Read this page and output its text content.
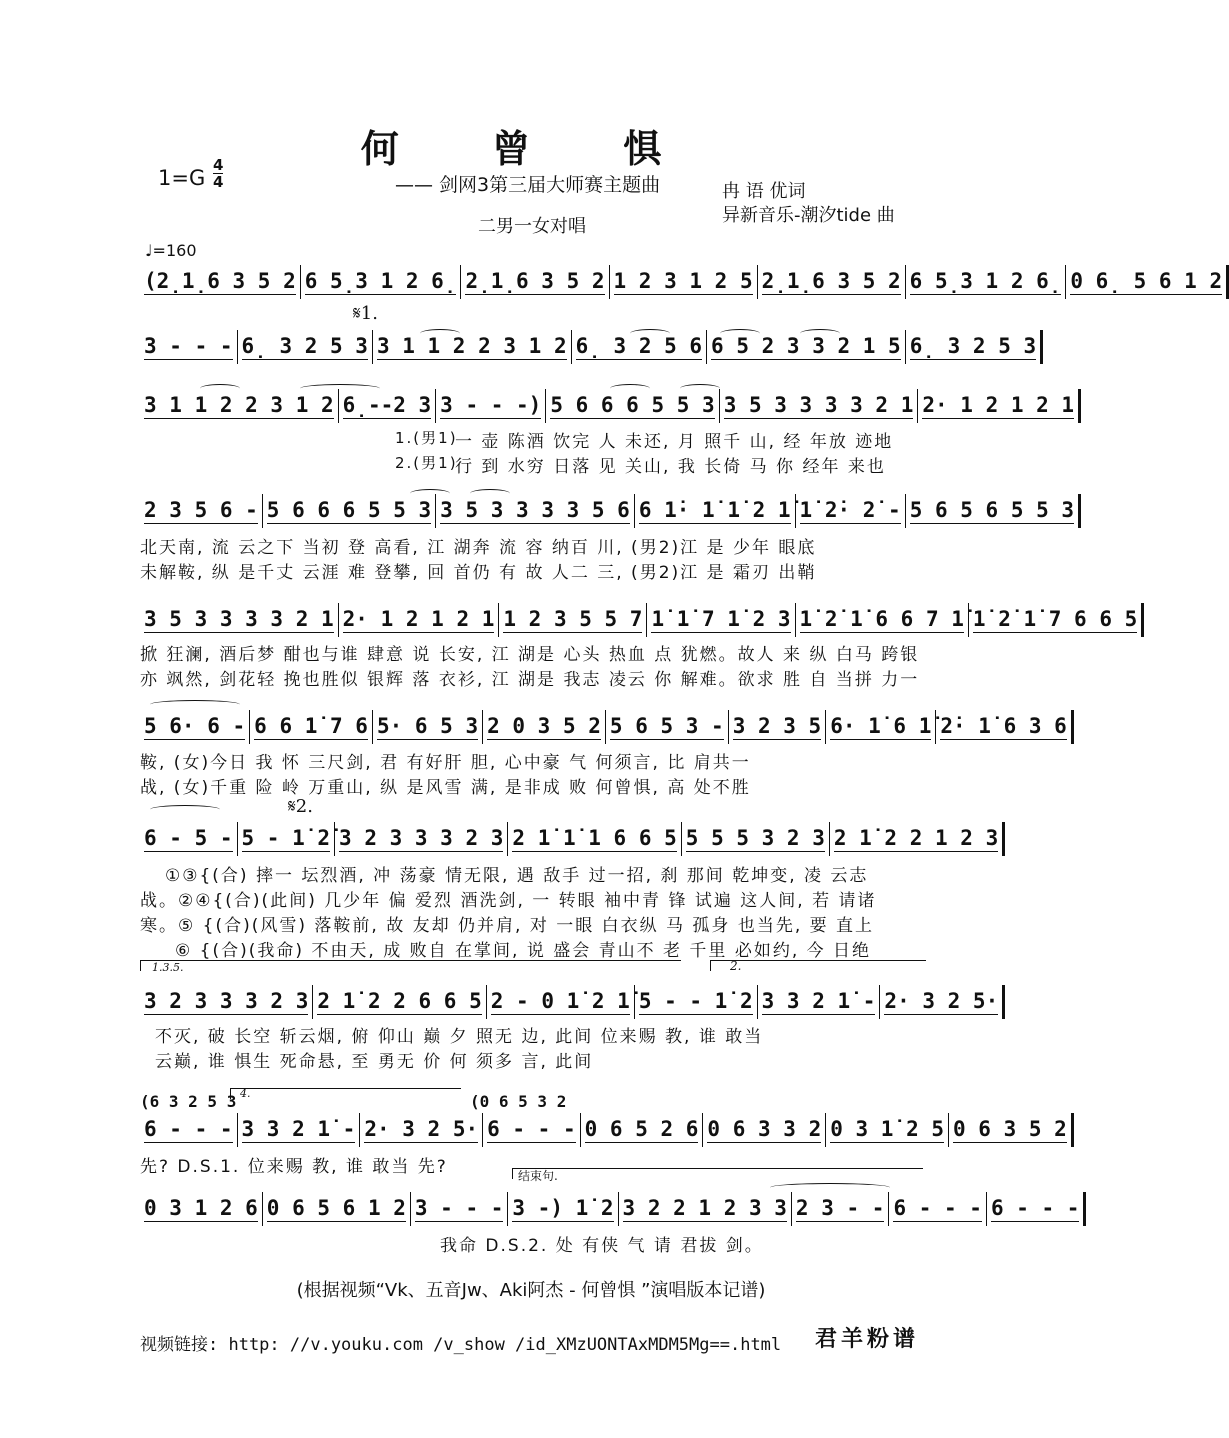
何 曾 惧
1=G
4
4	—— 剑网3第三届大师赛主题曲
二男一女对唱
冉 语 优词
异新音乐-潮汐tide 曲
♩=160
(2̣1̣6 3 5 2 6 5̣3 1 2 6̣ 2̣1̣6 3 5 2 1 2 3 1 2 5 2̣1̣6 3 5 2 6 5̣3 1 2 6̣ 0 6̣ 5 6 1 2
3 - - - 6̣ 3 2 5 3 3 1 1 2 2 3 1 2 6̣ 3 2 5 6 6 5 2 3 3 2 1 5 6̣ 3 2 5 3
3 1 1 2 2 3 1 2 6̣--2 3 3 - - -) 5 6 6 6 5 5 3 3 5 3 3 3 3 2 1 2· 1 2 1 2 1
2 3 5 6 - 5 6 6 6 5 5 3 3 5 3 3 3 3 5 6 6 1̇· 1̇ 1̇ 2 1̇ 1̇ 2̇· 2̇ - 5 6 5 6 5 5 3
3 5 3 3 3 3 2 1 2· 1 2 1 2 1 1 2 3 5 5 7 1̇ 1̇ 7 1̇ 2 3 1̇ 2̇ 1̇ 6 6 7 1̇ 1̇ 2̇ 1̇ 7 6 6 5
5 6· 6 - 6 6 1̇ 7 6 5· 6 5 3 2 0 3 5 2 5 6 5 3 - 3 2 3 5 6· 1̇ 6 1̇ 2̇· 1̇ 6 3 6
6 - 5 - 5 - 1̇ 2̇ 3 2 3 3 3 2 3 2 1̇ 1̇ 1 6 6 5 5 5 5 3 2 3 2 1̇ 2 2 1 2 3
3 2 3 3 3 2 3 2 1̇ 2 2 6 6 5 2 - 0 1̇ 2 1̇ 5 - - 1̇ 2 3 3 2 1̇ - 2· 3 2 5·
6 - - - 3 3 2 1̇ - 2· 3 2 5· 6 - - - 0 6 5 2 6 0 6 3 3 2 0 3 1̇ 2 5 0 6 3 5 2
0 3 1 2 6 0 6 5 6 1 2 3 - - - 3 -) 1̇ 2 3 2 2 1 2 3 3 2 3 - - 6 - - - 6 - - -
𝄋1.
𝄋2.
1.3.5.	2.
(6 3 2 5 3 4.	(0 6 5 3 2
结束句.
1.(男1)
一 壶 陈酒 饮完 人 未还, 月 照千 山, 经 年放 迹地
2.(男1)
行 到 水穷 日落 见 关山, 我 长倚 马 你 经年 来也
北天南, 流 云之下 当初 登 高看, 江 湖奔 流 容 纳百 川, (男2)江 是 少年 眼底
未解鞍, 纵 是千丈 云涯 难 登攀, 回 首仍 有 故 人二 三, (男2)江 是 霜刃 出鞘
掀 狂澜, 酒后梦 酣也与谁 肆意 说 长安, 江 湖是 心头 热血 点 犹燃。故人 来 纵 白马 跨银
亦 飒然, 剑花轻 挽也胜似 银辉 落 衣衫, 江 湖是 我志 凌云 你 解难。欲求 胜 自 当拼 力一
鞍, (女)今日 我 怀 三尺剑, 君 有好肝 胆, 心中豪 气 何须言, 比 肩共一
战, (女)千重 险 岭 万重山, 纵 是风雪 满, 是非成 败 何曾惧, 高 处不胜
①③{(合) 摔一 坛烈酒, 冲 荡豪 情无限, 遇 敌手 过一招, 刹 那间 乾坤变, 凌 云志
战。②④{(合)(此间) 几少年 偏 爱烈 酒洗剑, 一 转眼 袖中青 锋 试遍 这人间, 若 请诸
寒。⑤ {(合)(风雪) 落鞍前, 故 友却 仍并肩, 对 一眼 白衣纵 马 孤身 也当先, 要 直上
⑥ {(合)(我命) 不由天, 成 败自 在掌间, 说 盛会 青山不 老 千里 必如约, 今 日绝
不灭, 破 长空 斩云烟, 俯 仰山 巅 夕 照无 边, 此间 位来赐 教, 谁 敢当
云巅, 谁 惧生 死命悬, 至 勇无 价 何 须多 言, 此间
先? D.S.1. 位来赐 教, 谁 敢当 先?
我命 D.S.2. 处 有侠 气 请 君拔 剑。
(根据视频“Vk、五音Jw、Aki阿杰 - 何曾惧 ”演唱版本记谱)
视频链接: http: //v.youku.com /v_show /id_XMzUONTAxMDM5Mg==.html 君羊粉谱
